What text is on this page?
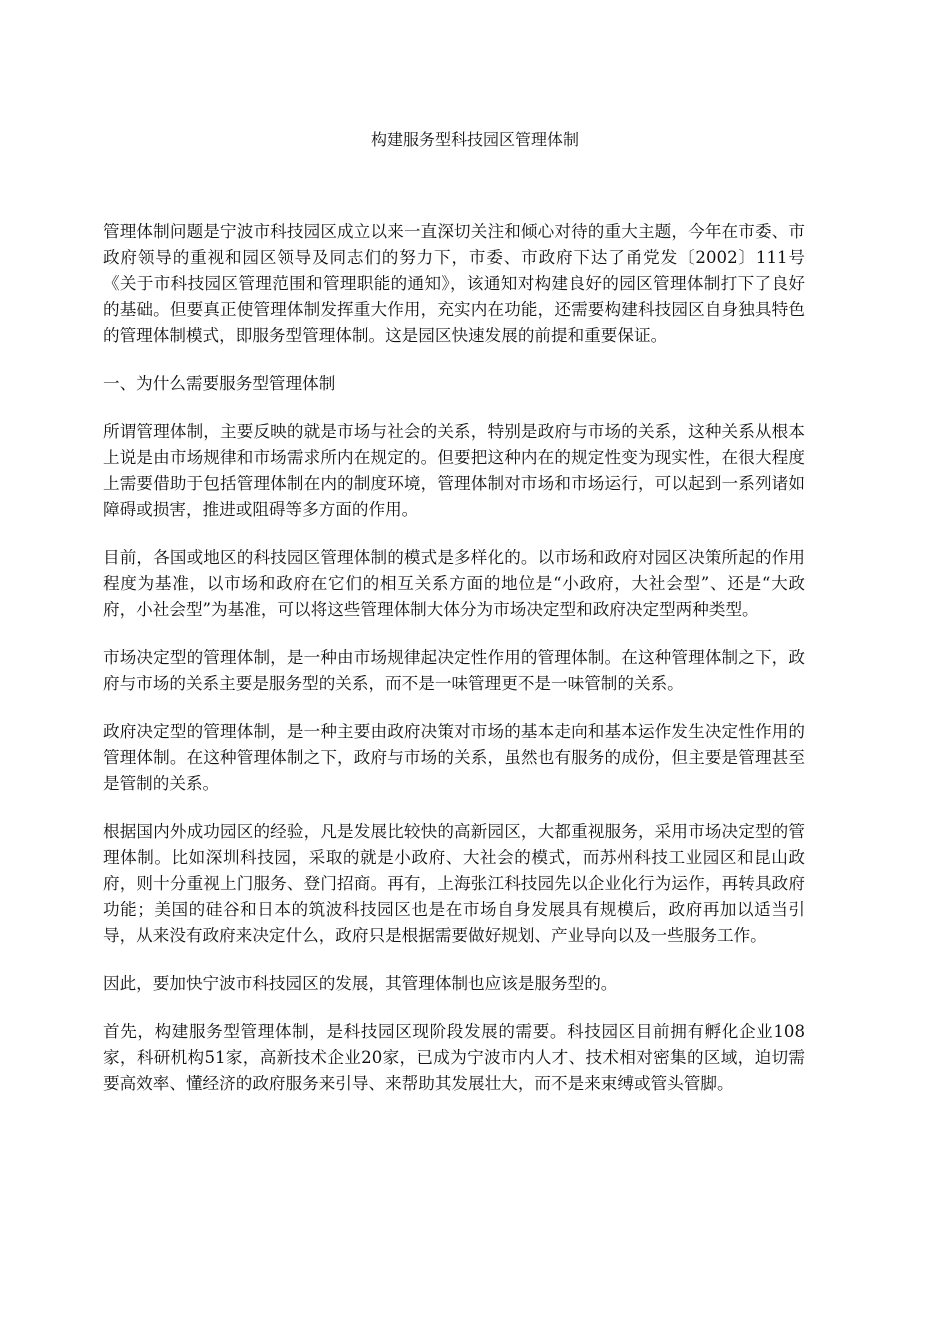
构建服务型科技园区管理体制

管理体制问题是宁波市科技园区成立以来一直深切关注和倾心对待的重大主题，今年在市委、市政府领导的重视和园区领导及同志们的努力下，市委、市政府下达了甬党发〔2002〕111号《关于市科技园区管理范围和管理职能的通知》，该通知对构建良好的园区管理体制打下了良好的基础。但要真正使管理体制发挥重大作用，充实内在功能，还需要构建科技园区自身独具特色的管理体制模式，即服务型管理体制。这是园区快速发展的前提和重要保证。

一、为什么需要服务型管理体制

所谓管理体制，主要反映的就是市场与社会的关系，特别是政府与市场的关系，这种关系从根本上说是由市场规律和市场需求所内在规定的。但要把这种内在的规定性变为现实性，在很大程度上需要借助于包括管理体制在内的制度环境，管理体制对市场和市场运行，可以起到一系列诸如障碍或损害，推进或阻碍等多方面的作用。

目前，各国或地区的科技园区管理体制的模式是多样化的。以市场和政府对园区决策所起的作用程度为基准，以市场和政府在它们的相互关系方面的地位是“小政府，大社会型”、还是“大政府，小社会型”为基准，可以将这些管理体制大体分为市场决定型和政府决定型两种类型。

市场决定型的管理体制，是一种由市场规律起决定性作用的管理体制。在这种管理体制之下，政府与市场的关系主要是服务型的关系，而不是一味管理更不是一味管制的关系。

政府决定型的管理体制，是一种主要由政府决策对市场的基本走向和基本运作发生决定性作用的管理体制。在这种管理体制之下，政府与市场的关系，虽然也有服务的成份，但主要是管理甚至是管制的关系。

根据国内外成功园区的经验，凡是发展比较快的高新园区，大都重视服务，采用市场决定型的管理体制。比如深圳科技园，采取的就是小政府、大社会的模式，而苏州科技工业园区和昆山政府，则十分重视上门服务、登门招商。再有，上海张江科技园先以企业化行为运作，再转具政府功能；美国的硅谷和日本的筑波科技园区也是在市场自身发展具有规模后，政府再加以适当引导，从来没有政府来决定什么，政府只是根据需要做好规划、产业导向以及一些服务工作。

因此，要加快宁波市科技园区的发展，其管理体制也应该是服务型的。

首先，构建服务型管理体制，是科技园区现阶段发展的需要。科技园区目前拥有孵化企业108家，科研机构51家，高新技术企业20家，已成为宁波市内人才、技术相对密集的区域，迫切需要高效率、懂经济的政府服务来引导、来帮助其发展壮大，而不是来束缚或管头管脚。
